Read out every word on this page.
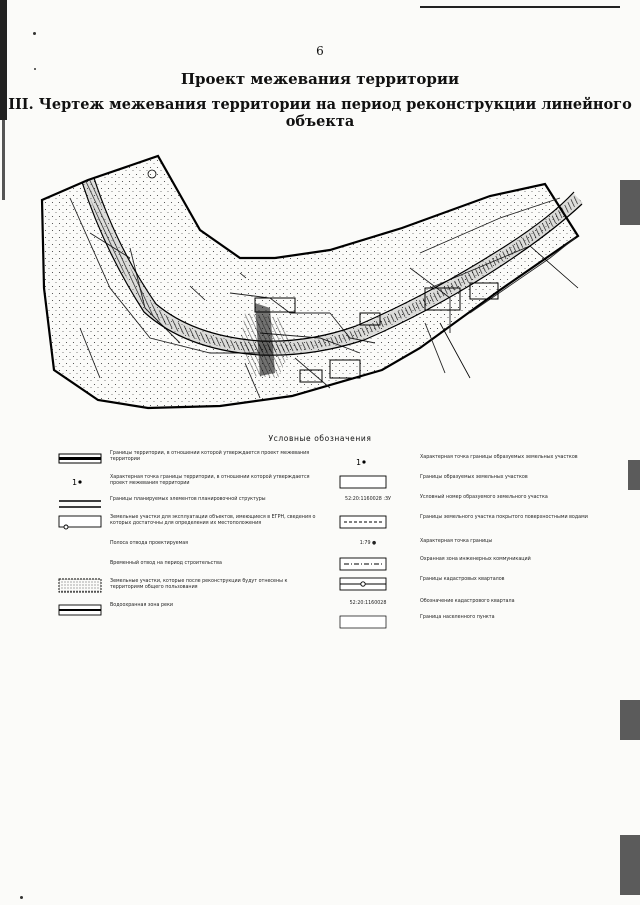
6
Проект межевания территории
III. Чертеж межевания территории на период реконструкции линейного объекта
Условные обозначения
Границы территории, в отношении которой утверждается проект межевания территории
1
Характерная точка границы территории, в отношении которой утверждается проект межевания территории
Границы планируемых элементов планировочной структуры
Земельные участки для эксплуатации объектов, имеющиеся в ЕГРН, сведения о которых достаточны для определения их местоположения
Полоса отвода проектируемая
Временный отвод на период строительства
Земельные участки, которые после реконструкции будут отнесены к территориям общего пользования
Водоохранная зона реки
1
Характерная точка границы образуемых земельных участков
Границы образуемых земельных участков
52:20:1160028 :ЗУ	Условный номер образуемого земельного участка
Границы земельного участка покрытого поверхностными водами
1:79 ●	Характерная точка границы
Охранная зона инженерных коммуникаций
Границы кадастровых кварталов
52:20:1160028	Обозначение кадастрового квартала
Граница населенного пункта
